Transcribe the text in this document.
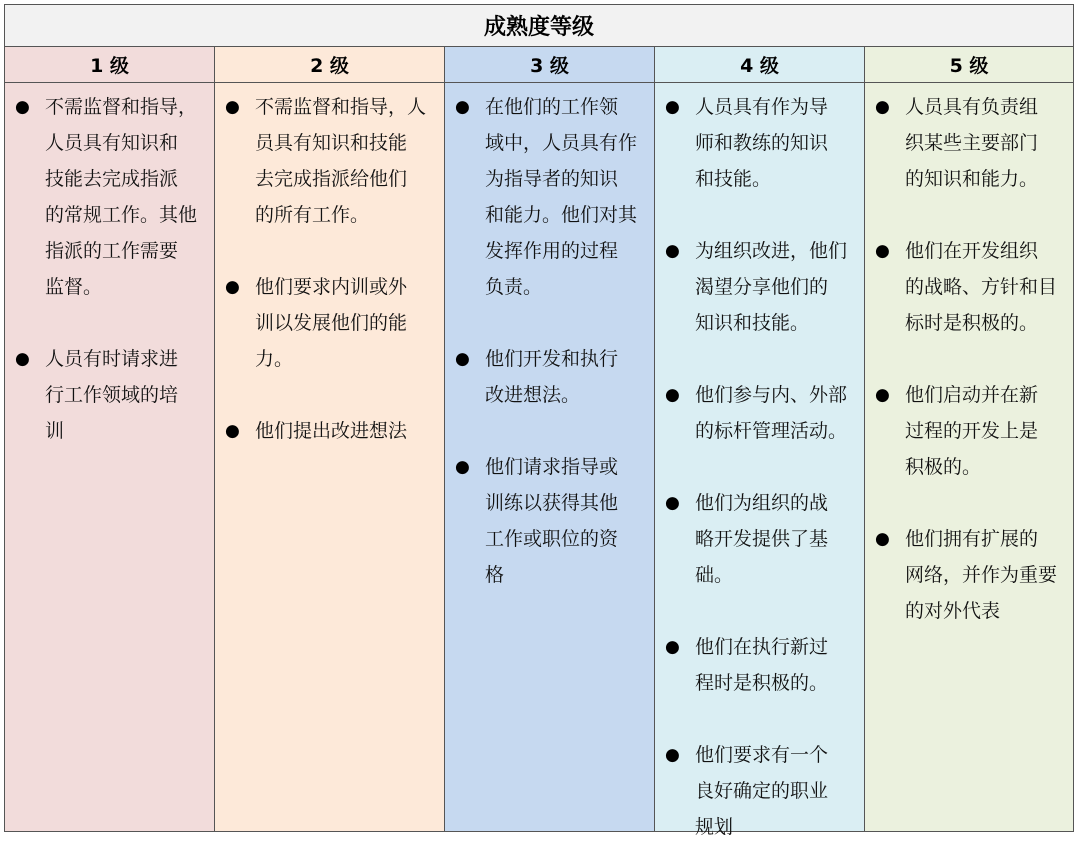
成熟度等级
1 级
● 不需监督和指导，
人员具有知识和
技能去完成指派
的常规工作。其他
指派的工作需要
监督。
● 人员有时请求进
行工作领域的培
训
2 级
● 不需监督和指导，人
员具有知识和技能
去完成指派给他们
的所有工作。
● 他们要求内训或外
训以发展他们的能
力。
● 他们提出改进想法
3 级
● 在他们的工作领
域中，人员具有作
为指导者的知识
和能力。他们对其
发挥作用的过程
负责。
● 他们开发和执行
改进想法。
● 他们请求指导或
训练以获得其他
工作或职位的资
格
4 级
● 人员具有作为导
师和教练的知识
和技能。
● 为组织改进，他们
渴望分享他们的
知识和技能。
● 他们参与内、外部
的标杆管理活动。
● 他们为组织的战
略开发提供了基
础。
● 他们在执行新过
程时是积极的。
● 他们要求有一个
良好确定的职业
规划
5 级
● 人员具有负责组
织某些主要部门
的知识和能力。
● 他们在开发组织
的战略、方针和目
标时是积极的。
● 他们启动并在新
过程的开发上是
积极的。
● 他们拥有扩展的
网络，并作为重要
的对外代表
